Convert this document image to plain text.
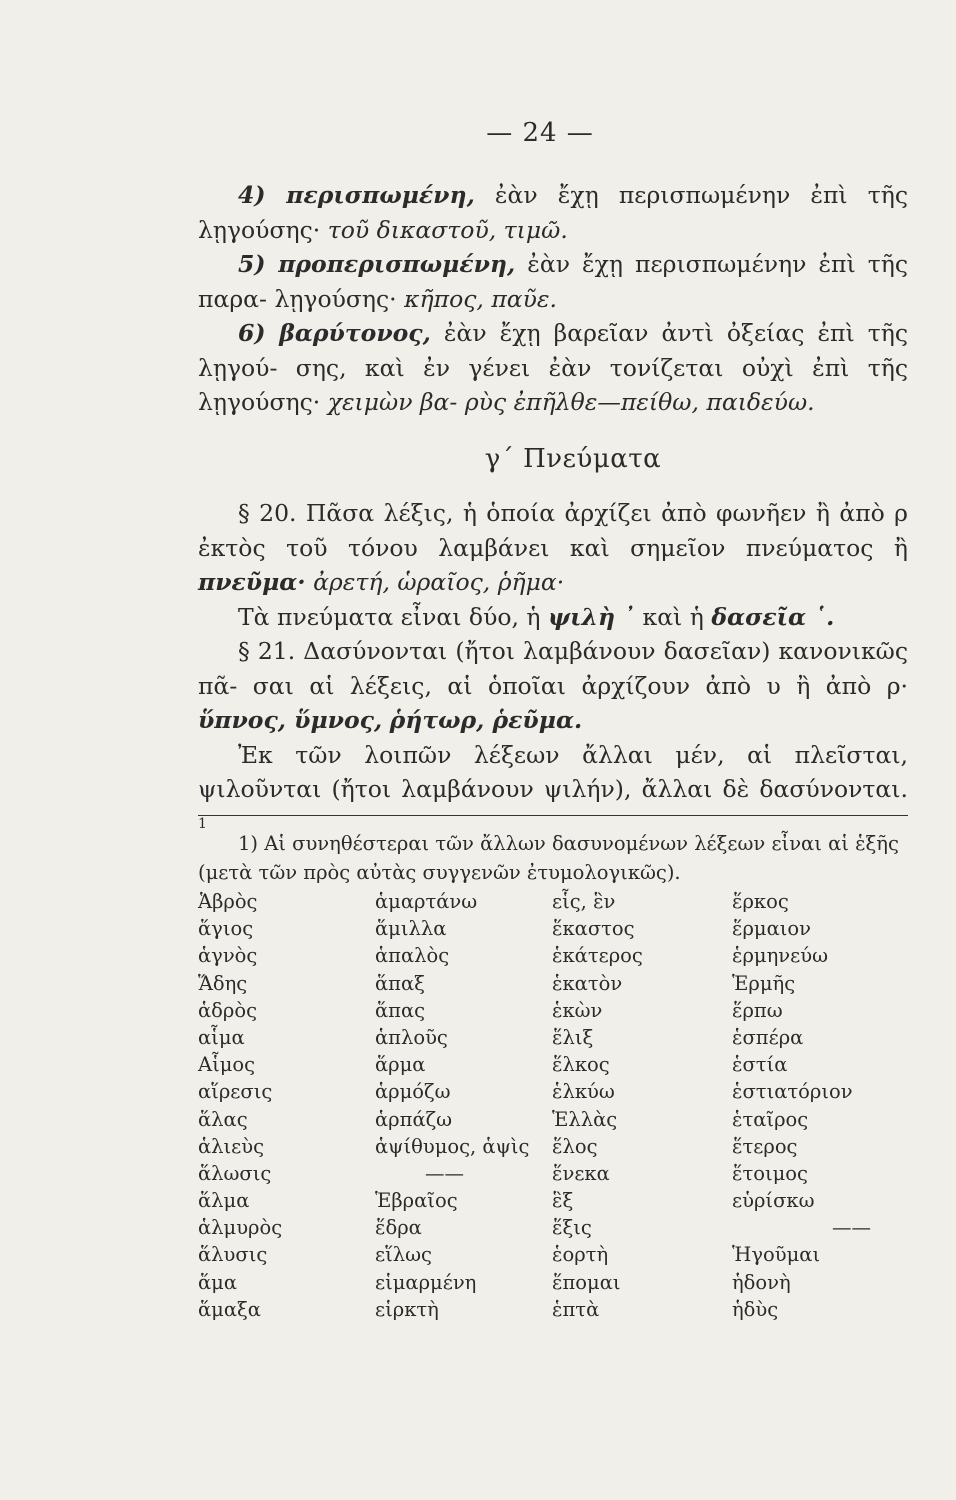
— 24 —

4) περισπωμένη, ἐὰν ἔχῃ περισπωμένην ἐπὶ τῆς λῃγούσης· τοῦ δικαστοῦ, τιμῶ.

5) προπερισπωμένη, ἐὰν ἔχῃ περισπωμένην ἐπὶ τῆς παρα- λῃγούσης· κῆπος, παῦε.

6) βαρύτονος, ἐὰν ἔχῃ βαρεῖαν ἀντὶ ὀξείας ἐπὶ τῆς λῃγού- σης, καὶ ἐν γένει ἐὰν τονίζεται οὐχὶ ἐπὶ τῆς λῃγούσης· χειμὼν βα- ρὺς ἐπῆλθε—πείθω, παιδεύω.

γ΄ Πνεύματα

§ 20. Πᾶσα λέξις, ἡ ὁποία ἀρχίζει ἀπὸ φωνῆεν ἢ ἀπὸ ρ ἐκτὸς τοῦ τόνου λαμβάνει καὶ σημεῖον πνεύματος ἢ πνεῦμα· ἀρετή, ὡραῖος, ῥῆμα·

Τὰ πνεύματα εἶναι δύο, ἡ ψιλὴ ᾿ καὶ ἡ δασεῖα ῾.

§ 21. Δασύνονται (ἤτοι λαμβάνουν δασεῖαν) κανονικῶς πᾶ- σαι αἱ λέξεις, αἱ ὁποῖαι ἀρχίζουν ἀπὸ υ ἢ ἀπὸ ρ· ὕπνος, ὕμνος, ῥήτωρ, ῥεῦμα.

Ἐκ τῶν λοιπῶν λέξεων ἄλλαι μέν, αἱ πλεῖσται, ψιλοῦνται (ἤτοι λαμβάνουν ψιλήν), ἄλλαι δὲ δασύνονται. $^1$

1) Αἱ συνηθέστεραι τῶν ἄλλων δασυνομένων λέξεων εἶναι αἱ ἑξῆς
(μετὰ τῶν πρὸς αὐτὰς συγγενῶν ἐτυμολογικῶς).
Ἁβρὸς
ἅγιος
ἁγνὸς
Ἅδης
ἁδρὸς
αἷμα
Αἷμος
αἵρεσις
ἅλας
ἁλιεὺς
ἅλωσις
ἅλμα
ἁλμυρὸς
ἅλυσις
ἅμα
ἅμαξα
ἁμαρτάνω
ἅμιλλα
ἁπαλὸς
ἅπαξ
ἅπας
ἁπλοῦς
ἅρμα
ἁρμόζω
ἁρπάζω
ἁψίθυμος, ἁψὶς
——
Ἑβραῖος
ἕδρα
εἵλως
εἱμαρμένη
εἱρκτὴ
εἷς, ἓν
ἕκαστος
ἑκάτερος
ἑκατὸν
ἑκὼν
ἕλιξ
ἕλκος
ἑλκύω
Ἑλλὰς
ἕλος
ἕνεκα
ἓξ
ἕξις
ἑορτὴ
ἕπομαι
ἑπτὰ
ἕρκος
ἕρμαιον
ἑρμηνεύω
Ἑρμῆς
ἕρπω
ἑσπέρα
ἑστία
ἑστιατόριον
ἑταῖρος
ἕτερος
ἕτοιμος
εὑρίσκω
——
Ἡγοῦμαι
ἡδονὴ
ἡδὺς
